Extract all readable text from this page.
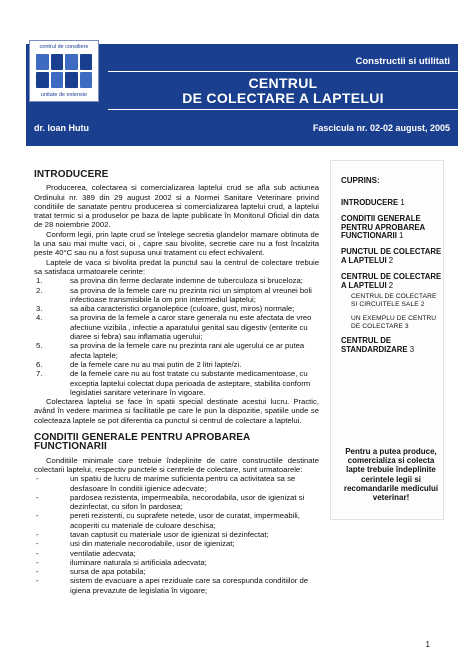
Constructii si utilitati
CENTRUL
DE COLECTARE A LAPTELUI
dr. Ioan Hutu	Fascicula nr. 02-02 august, 2005
centrul de consiliere
unitate de extensie
INTRODUCERE

Producerea, colectarea si comercializarea laptelui crud se afla sub actiunea Ordinului nr. 389 din 29 august 2002 si a Normei Sanitare Veterinare privind conditiile de sanatate pentru producerea si comercializarea laptelui crud, a laptelui tratat termic si a produselor pe baza de lapte publicate în Monitorul Oficial din data de 28 noiembrie 2002.

Conform legii, prin lapte crud se întelege secretia glandelor mamare obtinuta de la una sau mai multe vaci, oi , capre sau bivolite, secretie care nu a fost încalzita peste 40°C sau nu a fost supusa unui tratament cu efect echivalent.

Laptele de vaca si bivolita predat la punctul sau la centrul de colectare trebuie sa satisfaca urmatoarele cerinte:

1.	sa provina din ferme declarate indemne de tuberculoza si bruceloza;
2.	sa provina de la femele care nu prezinta nici un simptom al vreunei boli infectioase transmisibile la om prin intermediul laptelui;
3.	sa aiba caracteristici organoleptice (culoare, gust, miros) normale;
4.	sa provina de la femele a caror stare generala nu este afectata de vreo afectiune vizibila , infectie a aparatului genital sau digestiv (enterite cu diaree si febra) sau inflamatia ugerului;
5.	sa provina de la femele care nu prezinta rani ale ugerului ce ar putea afecta laptele;
6.	de la femele care nu au mai putin de 2 litri lapte/zi.
7.	de la femele care nu au fost tratate cu substante medicamentoase, cu exceptia laptelui colectat dupa perioada de asteptare, stabilita conform legislatiei sanitare veterinare în vigoare.

Colectarea laptelui se face în spatii special destinate acestui lucru. Practic, având în vedere marimea si facilitatile pe care le pun la dispozitie, spatiile unde se colecteaza laptele se pot diferentia ca punctul si centrul de colectare a laptelui.

CONDITII GENERALE PENTRU APROBAREA FUNCTIONARII

Conditiile minimale care trebuie îndeplinite de catre constructiile destinate colectarii laptelui, respectiv punctele si centrele de colectare, sunt urmatoarele:

-	un spatiu de lucru de marime suficienta pentru ca activitatea sa se desfasoare în conditii igienice adecvate;
-	pardosea rezistenta, impermeabila, necorodabila, usor de igienizat si dezinfectat, cu sifon în pardosea;
-	pereti rezistenti, cu suprafete netede, usor de curatat, impermeabili, acoperiti cu materiale de culoare deschisa;
-	tavan captusit cu materiale usor de igienizat si dezinfectat;
-	usi din materiale necorodabile, usor de igienizat;
-	ventilatie adecvata;
-	iluminare naturala si artificiala adecvata;
-	sursa de apa potabila;
-	sistem de evacuare a apei reziduale care sa corespunda conditiilor de igiena prevazute de legislatia în vigoare;
CUPRINS:
INTRODUCERE 1
CONDITII GENERALE PENTRU APROBAREA FUNCTIONARII 1
PUNCTUL DE COLECTARE A LAPTELUI 2
CENTRUL DE COLECTARE A LAPTELUI 2
CENTRUL DE COLECTARE SI CIRCUITELE SALE 2
UN EXEMPLU DE CENTRU DE COLECTARE 3
CENTRUL DE STANDARDIZARE 3
Pentru a putea produce, comercializa si colecta lapte trebuie îndeplinite cerintele legii si recomandarile medicului veterinar!
1
